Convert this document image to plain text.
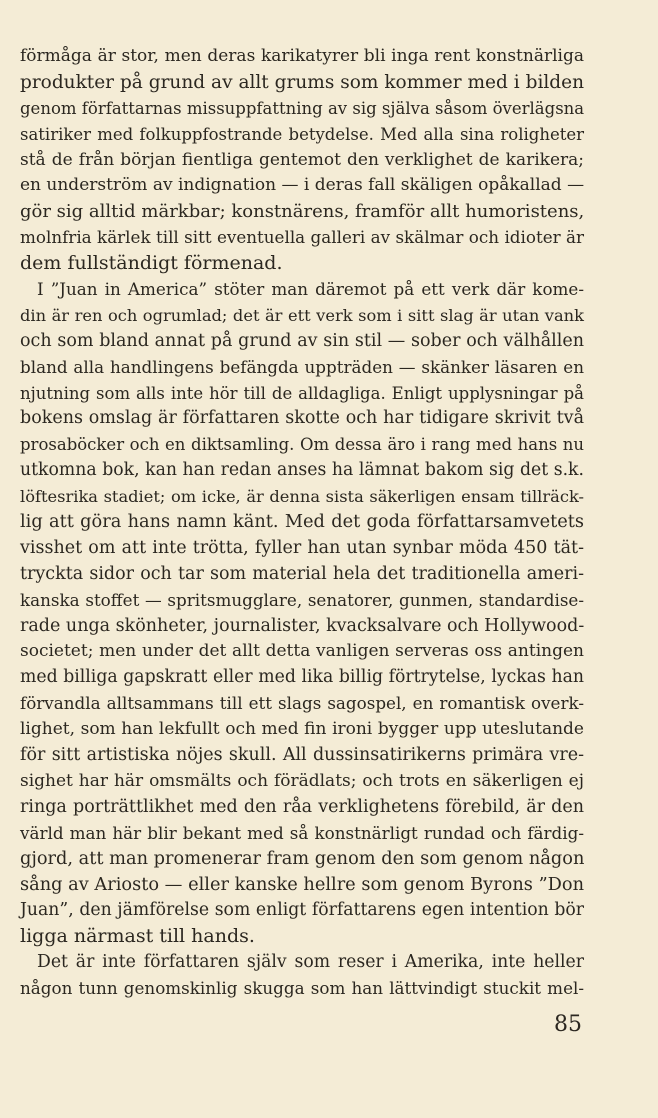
förmåga är stor, men deras karikatyrer bli inga rent konstnärliga
produkter på grund av allt grums som kommer med i bilden
genom författarnas missuppfattning av sig själva såsom överlägsna
satiriker med folkuppfostrande betydelse. Med alla sina roligheter
stå de från början fientliga gentemot den verklighet de karikera;
en underström av indignation — i deras fall skäligen opåkallad —
gör sig alltid märkbar; konstnärens, framför allt humoristens,
molnfria kärlek till sitt eventuella galleri av skälmar och idioter är
dem fullständigt förmenad.
I ”Juan in America” stöter man däremot på ett verk där kome-
din är ren och ogrumlad; det är ett verk som i sitt slag är utan vank
och som bland annat på grund av sin stil — sober och välhållen
bland alla handlingens befängda uppträden — skänker läsaren en
njutning som alls inte hör till de alldagliga. Enligt upplysningar på
bokens omslag är författaren skotte och har tidigare skrivit två
prosaböcker och en diktsamling. Om dessa äro i rang med hans nu
utkomna bok, kan han redan anses ha lämnat bakom sig det s.k.
löftesrika stadiet; om icke, är denna sista säkerligen ensam tillräck-
lig att göra hans namn känt. Med det goda författarsamvetets
visshet om att inte trötta, fyller han utan synbar möda 450 tät-
tryckta sidor och tar som material hela det traditionella ameri-
kanska stoffet — spritsmugglare, senatorer, gunmen, standardise-
rade unga skönheter, journalister, kvacksalvare och Hollywood-
societet; men under det allt detta vanligen serveras oss antingen
med billiga gapskratt eller med lika billig förtrytelse, lyckas han
förvandla alltsammans till ett slags sagospel, en romantisk overk-
lighet, som han lekfullt och med fin ironi bygger upp uteslutande
för sitt artistiska nöjes skull. All dussinsatirikerns primära vre-
sighet har här omsmälts och förädlats; och trots en säkerligen ej
ringa porträttlikhet med den råa verklighetens förebild, är den
värld man här blir bekant med så konstnärligt rundad och färdig-
gjord, att man promenerar fram genom den som genom någon
sång av Ariosto — eller kanske hellre som genom Byrons ”Don
Juan”, den jämförelse som enligt författarens egen intention bör
ligga närmast till hands.
Det är inte författaren själv som reser i Amerika, inte heller
någon tunn genomskinlig skugga som han lättvindigt stuckit mel-
85
